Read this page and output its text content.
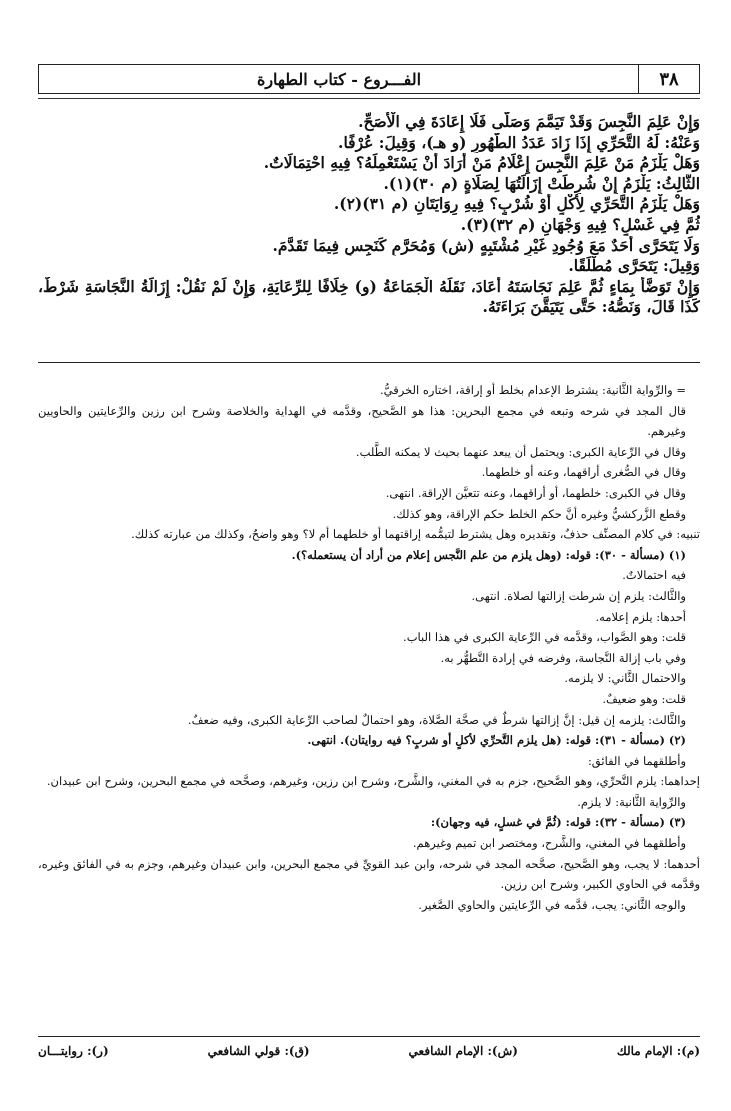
٣٨
الفـــروع - كتاب الطهارة

وَإِنْ عَلِمَ النَّجِسَ وَقَدْ تَيَمَّمَ وَصَلَّى فَلَا إِعَادَةَ فِي الْأَصَحِّ.

وَعَنْهُ: لَهُ التَّحَرِّي إِذَا زَادَ عَدَدُ الطَّهُورِ (و هـ)، وَقِيلَ: عُرْفًا.

وَهَلْ يَلْزَمُ مَنْ عَلِمَ النَّجِسَ إِعْلَامُ مَنْ أَرَادَ أَنْ يَسْتَعْمِلَهُ؟ فِيهِ احْتِمَالَاتٌ.

الثَّالِثُ: يَلْزَمُ إِنْ شُرِطَتْ إِزَالَتُهَا لِصَلَاةٍ (م ٣٠)(١).

وَهَلْ يَلْزَمُ التَّحَرِّي لِأَكْلٍ أَوْ شُرْبٍ؟ فِيهِ رِوَايَتَانِ (م ٣١)(٢).

ثُمَّ فِي غَسْلٍ؟ فِيهِ وَجْهَانِ (م ٣٢)(٣).

وَلَا يَتَحَرَّى أَحَدٌ مَعَ وُجُودِ غَيْرِ مُشْتَبِهٍ (ش) وَمُحَرَّمٍ كَنَجِسٍ فِيمَا تَقَدَّمَ.

وَقِيلَ: يَتَحَرَّى مُطْلَقًا.

وَإِنْ تَوَضَّأَ بِمَاءٍ ثُمَّ عَلِمَ نَجَاسَتَهُ أَعَادَ، نَقَلَهُ الْجَمَاعَةُ (و) خِلَافًا لِلرِّعَايَةِ، وَإِنْ لَمْ نَقُلْ: إِزَالَةُ النَّجَاسَةِ شَرْطٌ، كَذَا قَالَ، وَنَصُّهُ: حَتَّى يَتَيَقَّنَ بَرَاءَتَهُ.

= والرِّواية الثَّانية: يشترط الإعدام بخلط أو إراقة، اختاره الخرقيُّ.

قال المجد في شرحه وتبعه في مجمع البحرين: هذا هو الصَّحيح، وقدَّمه في الهداية والخلاصة وشرح ابن رزين والرِّعايتين والحاويين وغيرهم.

وقال في الرِّعاية الكبرى: ويحتمل أن يبعد عنهما بحيث لا يمكنه الطَّلب.

وقال في الصُّغرى أراقهما، وعنه أو خلطهما.

وقال في الكبرى: خلطهما، أو أراقهما، وعنه تتعيَّن الإراقة. انتهى.

وقطع الزَّركشيُّ وغيره أنَّ حكم الخلط حكم الإراقة، وهو كذلك.

تنبيه: في كلام المصنِّف حذفٌ، وتقديره وهل يشترط لتيمُّمه إراقتهما أو خلطهما أم لا؟ وهو واضحٌ، وكذلك من عبارته كذلك.

(١) (مسألة - ٣٠): قوله: (وهل يلزم من علم النَّجس إعلام من أراد أن يستعمله؟).

فيه احتمالاتٌ.

والثَّالث: يلزم إن شرطت إزالتها لصلاة. انتهى.

أحدها: يلزم إعلامه.

قلت: وهو الصَّواب، وقدَّمه في الرِّعاية الكبرى في هذا الباب.

وفي باب إزالة النَّجاسة، وفرضه في إرادة التَّطهُّر به.

والاحتمال الثَّاني: لا يلزمه.

قلت: وهو ضعيفٌ.

والثَّالث: يلزمه إن قيل: إنَّ إزالتها شرطٌ في صحَّة الصَّلاة، وهو احتمالٌ لصاحب الرِّعاية الكبرى، وفيه ضعفٌ.

(٢) (مسألة - ٣١): قوله: (هل يلزم التَّحرِّي لأكلٍ أو شربٍ؟ فيه روايتان). انتهى.

وأطلقهما في الفائق:

إحداهما: يلزم التَّحرِّي، وهو الصَّحيح، جزم به في المغني، والشَّرح، وشرح ابن رزين، وغيرهم، وصحَّحه في مجمع البحرين، وشرح ابن عبيدان.

والرِّواية الثَّانية: لا يلزم.

(٣) (مسألة - ٣٢): قوله: (ثُمَّ في غسلٍ، فيه وجهان):

وأطلقهما في المغني، والشَّرح، ومختصر ابن تميم وغيرهم.

أحدهما: لا يجب، وهو الصَّحيح، صحَّحه المجد في شرحه، وابن عبد القويِّ في مجمع البحرين، وابن عبيدان وغيرهم، وجزم به في الفائق وغيره، وقدَّمه في الحاوي الكبير، وشرح ابن رزين.

والوجه الثَّاني: يجب، قدَّمه في الرِّعايتين والحاوي الصَّغير.

(م): الإمام مالك
(ش): الإمام الشافعي
(ق): قولي الشافعي
(ر): روايتـــان
